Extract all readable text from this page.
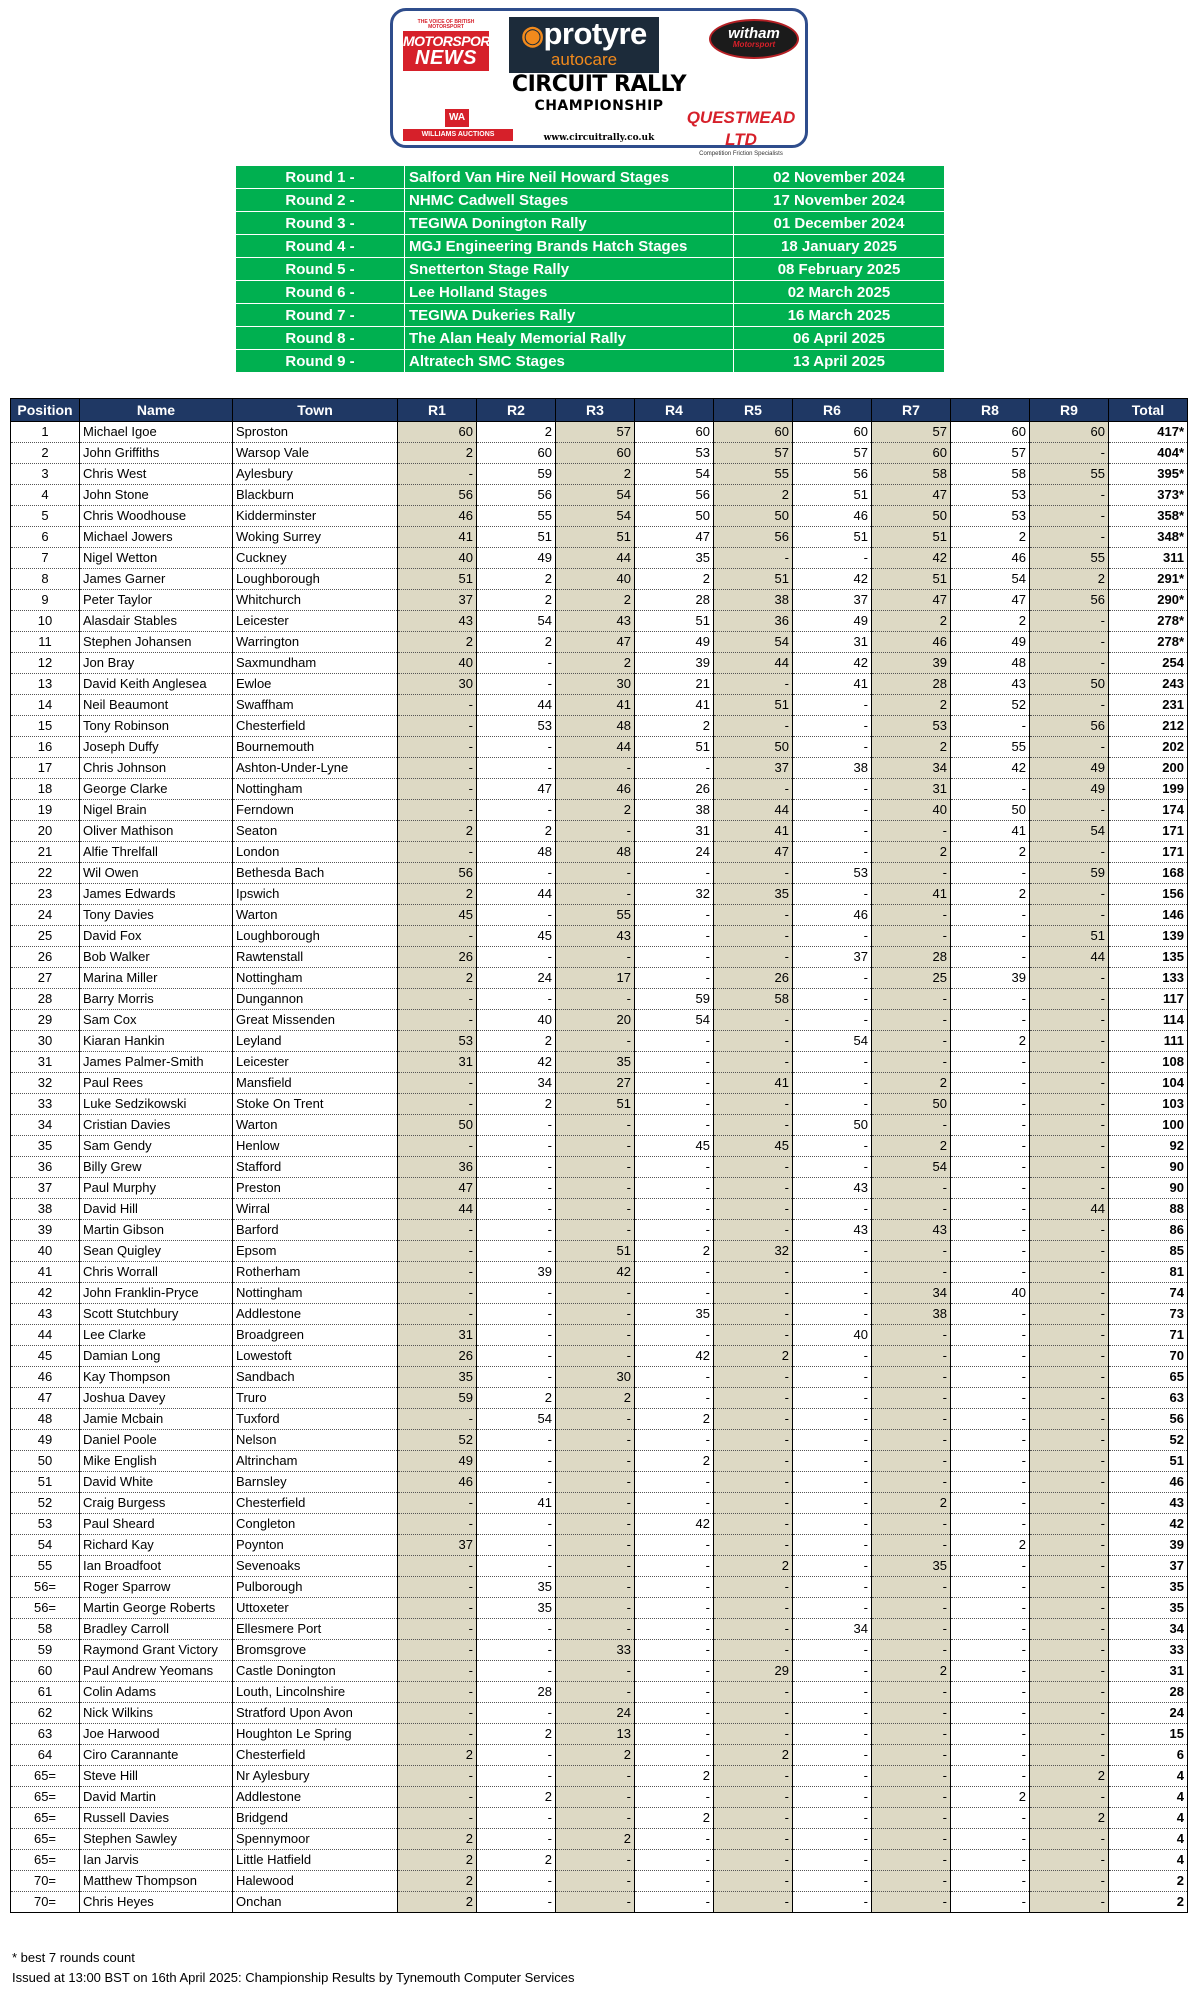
THE VOICE OF BRITISH MOTORSPORT
MOTORSPORT
NEWS
◉protyre
autocare
witham
Motorsport
CIRCUIT RALLY
CHAMPIONSHIP
WA
WILLIAMS AUCTIONS	www.circuitrally.co.uk
QUESTMEAD LTD
Competition Friction Specialists
Round 1 -	Salford Van Hire Neil Howard Stages	02 November 2024
Round 2 -	NHMC Cadwell Stages	17 November 2024
Round 3 -	TEGIWA Donington Rally	01 December 2024
Round 4 -	MGJ Engineering Brands Hatch Stages	18 January 2025
Round 5 -	Snetterton Stage Rally	08 February 2025
Round 6 -	Lee Holland Stages	02 March 2025
Round 7 -	TEGIWA Dukeries Rally	16 March 2025
Round 8 -	The Alan Healy Memorial Rally	06 April 2025
Round 9 -	Altratech SMC Stages	13 April 2025
Position	Name	Town	R1	R2	R3	R4	R5	R6	R7	R8	R9	Total
1	Michael Igoe	Sproston	60	2	57	60	60	60	57	60	60	417*
2	John Griffiths	Warsop Vale	2	60	60	53	57	57	60	57	-	404*
3	Chris West	Aylesbury	-	59	2	54	55	56	58	58	55	395*
4	John Stone	Blackburn	56	56	54	56	2	51	47	53	-	373*
5	Chris Woodhouse	Kidderminster	46	55	54	50	50	46	50	53	-	358*
6	Michael Jowers	Woking Surrey	41	51	51	47	56	51	51	2	-	348*
7	Nigel Wetton	Cuckney	40	49	44	35	-	-	42	46	55	311
8	James Garner	Loughborough	51	2	40	2	51	42	51	54	2	291*
9	Peter Taylor	Whitchurch	37	2	2	28	38	37	47	47	56	290*
10	Alasdair Stables	Leicester	43	54	43	51	36	49	2	2	-	278*
11	Stephen Johansen	Warrington	2	2	47	49	54	31	46	49	-	278*
12	Jon Bray	Saxmundham	40	-	2	39	44	42	39	48	-	254
13	David Keith Anglesea	Ewloe	30	-	30	21	-	41	28	43	50	243
14	Neil Beaumont	Swaffham	-	44	41	41	51	-	2	52	-	231
15	Tony Robinson	Chesterfield	-	53	48	2	-	-	53	-	56	212
16	Joseph Duffy	Bournemouth	-	-	44	51	50	-	2	55	-	202
17	Chris Johnson	Ashton-Under-Lyne	-	-	-	-	37	38	34	42	49	200
18	George Clarke	Nottingham	-	47	46	26	-	-	31	-	49	199
19	Nigel Brain	Ferndown	-	-	2	38	44	-	40	50	-	174
20	Oliver Mathison	Seaton	2	2	-	31	41	-	-	41	54	171
21	Alfie Threlfall	London	-	48	48	24	47	-	2	2	-	171
22	Wil Owen	Bethesda Bach	56	-	-	-	-	53	-	-	59	168
23	James Edwards	Ipswich	2	44	-	32	35	-	41	2	-	156
24	Tony Davies	Warton	45	-	55	-	-	46	-	-	-	146
25	David Fox	Loughborough	-	45	43	-	-	-	-	-	51	139
26	Bob Walker	Rawtenstall	26	-	-	-	-	37	28	-	44	135
27	Marina Miller	Nottingham	2	24	17	-	26	-	25	39	-	133
28	Barry Morris	Dungannon	-	-	-	59	58	-	-	-	-	117
29	Sam Cox	Great Missenden	-	40	20	54	-	-	-	-	-	114
30	Kiaran Hankin	Leyland	53	2	-	-	-	54	-	2	-	111
31	James Palmer-Smith	Leicester	31	42	35	-	-	-	-	-	-	108
32	Paul Rees	Mansfield	-	34	27	-	41	-	2	-	-	104
33	Luke Sedzikowski	Stoke On Trent	-	2	51	-	-	-	50	-	-	103
34	Cristian Davies	Warton	50	-	-	-	-	50	-	-	-	100
35	Sam Gendy	Henlow	-	-	-	45	45	-	2	-	-	92
36	Billy Grew	Stafford	36	-	-	-	-	-	54	-	-	90
37	Paul Murphy	Preston	47	-	-	-	-	43	-	-	-	90
38	David Hill	Wirral	44	-	-	-	-	-	-	-	44	88
39	Martin Gibson	Barford	-	-	-	-	-	43	43	-	-	86
40	Sean Quigley	Epsom	-	-	51	2	32	-	-	-	-	85
41	Chris Worrall	Rotherham	-	39	42	-	-	-	-	-	-	81
42	John Franklin-Pryce	Nottingham	-	-	-	-	-	-	34	40	-	74
43	Scott Stutchbury	Addlestone	-	-	-	35	-	-	38	-	-	73
44	Lee Clarke	Broadgreen	31	-	-	-	-	40	-	-	-	71
45	Damian Long	Lowestoft	26	-	-	42	2	-	-	-	-	70
46	Kay Thompson	Sandbach	35	-	30	-	-	-	-	-	-	65
47	Joshua Davey	Truro	59	2	2	-	-	-	-	-	-	63
48	Jamie Mcbain	Tuxford	-	54	-	2	-	-	-	-	-	56
49	Daniel Poole	Nelson	52	-	-	-	-	-	-	-	-	52
50	Mike English	Altrincham	49	-	-	2	-	-	-	-	-	51
51	David White	Barnsley	46	-	-	-	-	-	-	-	-	46
52	Craig Burgess	Chesterfield	-	41	-	-	-	-	2	-	-	43
53	Paul Sheard	Congleton	-	-	-	42	-	-	-	-	-	42
54	Richard Kay	Poynton	37	-	-	-	-	-	-	2	-	39
55	Ian Broadfoot	Sevenoaks	-	-	-	-	2	-	35	-	-	37
56=	Roger Sparrow	Pulborough	-	35	-	-	-	-	-	-	-	35
56=	Martin George Roberts	Uttoxeter	-	35	-	-	-	-	-	-	-	35
58	Bradley Carroll	Ellesmere Port	-	-	-	-	-	34	-	-	-	34
59	Raymond Grant Victory	Bromsgrove	-	-	33	-	-	-	-	-	-	33
60	Paul Andrew Yeomans	Castle Donington	-	-	-	-	29	-	2	-	-	31
61	Colin Adams	Louth, Lincolnshire	-	28	-	-	-	-	-	-	-	28
62	Nick Wilkins	Stratford Upon Avon	-	-	24	-	-	-	-	-	-	24
63	Joe Harwood	Houghton Le Spring	-	2	13	-	-	-	-	-	-	15
64	Ciro Carannante	Chesterfield	2	-	2	-	2	-	-	-	-	6
65=	Steve Hill	Nr Aylesbury	-	-	-	2	-	-	-	-	2	4
65=	David Martin	Addlestone	-	2	-	-	-	-	-	2	-	4
65=	Russell Davies	Bridgend	-	-	-	2	-	-	-	-	2	4
65=	Stephen Sawley	Spennymoor	2	-	2	-	-	-	-	-	-	4
65=	Ian Jarvis	Little Hatfield	2	2	-	-	-	-	-	-	-	4
70=	Matthew Thompson	Halewood	2	-	-	-	-	-	-	-	-	2
70=	Chris Heyes	Onchan	2	-	-	-	-	-	-	-	-	2
* best 7 rounds count
Issued at 13:00 BST on 16th April 2025: Championship Results by Tynemouth Computer Services
